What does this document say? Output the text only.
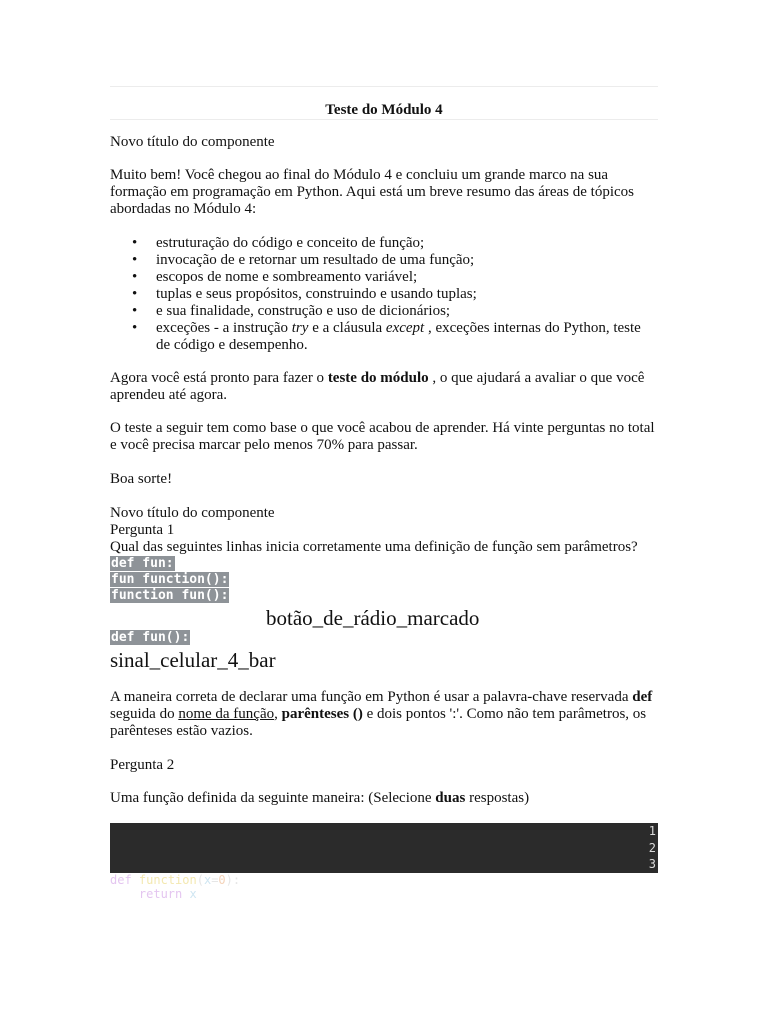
Teste do Módulo 4

Novo título do componente

Muito bem! Você chegou ao final do Módulo 4 e concluiu um grande marco na sua formação em programação em Python. Aqui está um breve resumo das áreas de tópicos abordadas no Módulo 4:

• estruturação do código e conceito de função;
• invocação de e retornar um resultado de uma função;
• escopos de nome e sombreamento variável;
• tuplas e seus propósitos, construindo e usando tuplas;
• e sua finalidade, construção e uso de dicionários;
• exceções - a instrução try e a cláusula except , exceções internas do Python, teste de código e desempenho.

Agora você está pronto para fazer o teste do módulo , o que ajudará a avaliar o que você aprendeu até agora.

O teste a seguir tem como base o que você acabou de aprender. Há vinte perguntas no total e você precisa marcar pelo menos 70% para passar.

Boa sorte!

Novo título do componente

Pergunta 1

Qual das seguintes linhas inicia corretamente uma definição de função sem parâmetros?

def fun:
fun function():
function fun():
botão_de_rádio_marcado
def fun():
sinal_celular_4_bar

A maneira correta de declarar uma função em Python é usar a palavra-chave reservada def seguida do nome da função, parênteses () e dois pontos ':'. Como não tem parâmetros, os parênteses estão vazios.

Pergunta 2

Uma função definida da seguinte maneira: (Selecione duas respostas)

1
2
3
def function(x=0):
return x
